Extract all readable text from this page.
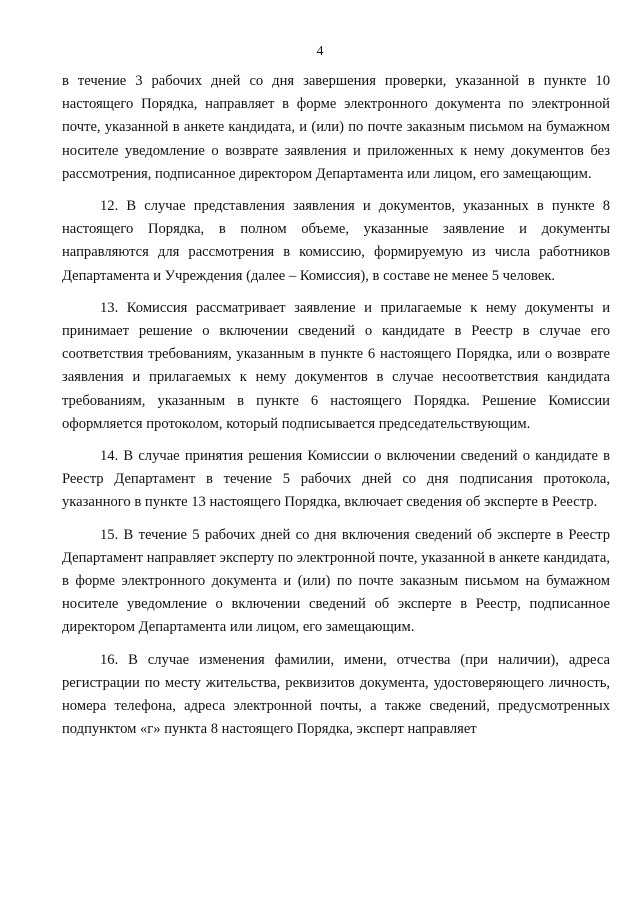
4

в течение 3 рабочих дней со дня завершения проверки, указанной в пункте 10 настоящего Порядка, направляет в форме электронного документа по электронной почте, указанной в анкете кандидата, и (или) по почте заказным письмом на бумажном носителе уведомление о возврате заявления и приложенных к нему документов без рассмотрения, подписанное директором Департамента или лицом, его замещающим.

12. В случае представления заявления и документов, указанных в пункте 8 настоящего Порядка, в полном объеме, указанные заявление и документы направляются для рассмотрения в комиссию, формируемую из числа работников Департамента и Учреждения (далее – Комиссия), в составе не менее 5 человек.

13. Комиссия рассматривает заявление и прилагаемые к нему документы и принимает решение о включении сведений о кандидате в Реестр в случае его соответствия требованиям, указанным в пункте 6 настоящего Порядка, или о возврате заявления и прилагаемых к нему документов в случае несоответствия кандидата требованиям, указанным в пункте 6 настоящего Порядка. Решение Комиссии оформляется протоколом, который подписывается председательствующим.

14. В случае принятия решения Комиссии о включении сведений о кандидате в Реестр Департамент в течение 5 рабочих дней со дня подписания протокола, указанного в пункте 13 настоящего Порядка, включает сведения об эксперте в Реестр.

15. В течение 5 рабочих дней со дня включения сведений об эксперте в Реестр Департамент направляет эксперту по электронной почте, указанной в анкете кандидата, в форме электронного документа и (или) по почте заказным письмом на бумажном носителе уведомление о включении сведений об эксперте в Реестр, подписанное директором Департамента или лицом, его замещающим.

16. В случае изменения фамилии, имени, отчества (при наличии), адреса регистрации по месту жительства, реквизитов документа, удостоверяющего личность, номера телефона, адреса электронной почты, а также сведений, предусмотренных подпунктом «г» пункта 8 настоящего Порядка, эксперт направляет
